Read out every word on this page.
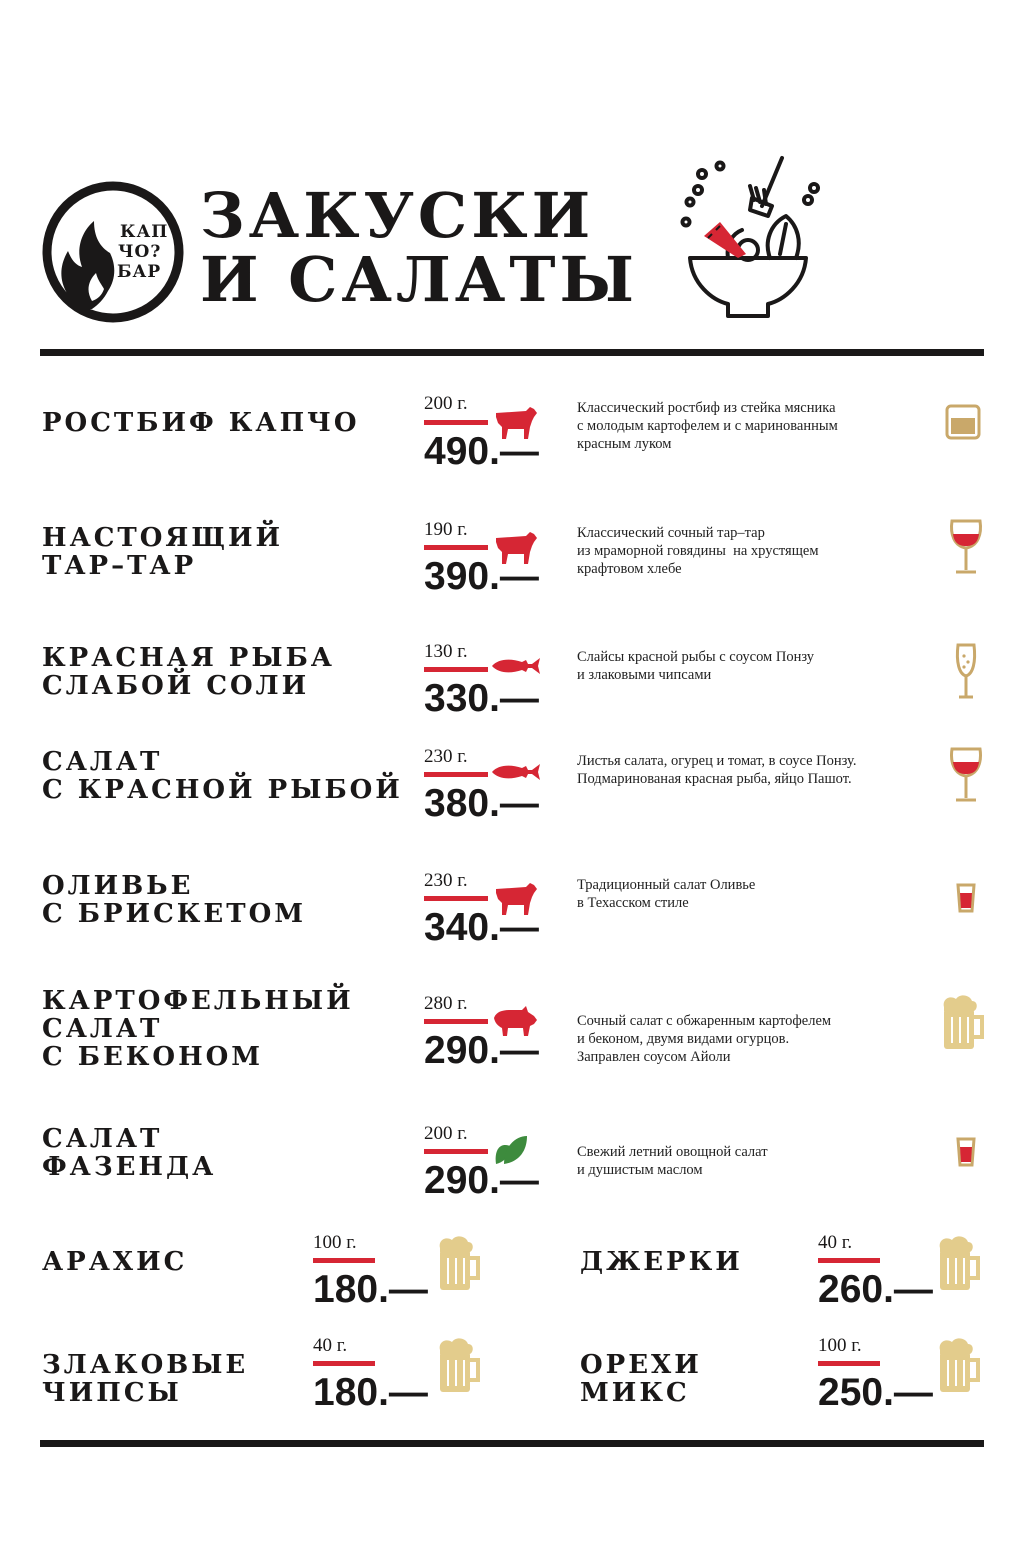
КАП
ЧО?
БАР
ЗАКУСКИ
И САЛАТЫ
РОСТБИФ КАПЧО
200 г.
490.—
Классический ростбиф из стейка мясника
с молодым картофелем и с маринованным
красным луком
НАСТОЯЩИЙ
ТАР–ТАР
190 г.
390.—
Классический сочный тар–тар
из мраморной говядины  на хрустящем
крафтовом хлебе
КРАСНАЯ РЫБА
СЛАБОЙ СОЛИ
130 г.
330.—
Слайсы красной рыбы с соусом Понзу
и злаковыми чипсами
САЛАТ
С КРАСНОЙ РЫБОЙ
230 г.
380.—
Листья салата, огурец и томат, в соусе Понзу.
Подмаринованая красная рыба, яйцо Пашот.
ОЛИВЬЕ
С БРИСКЕТОМ
230 г.
340.—
Традиционный салат Оливье
в Техасском стиле
КАРТОФЕЛЬНЫЙ
САЛАТ
С БЕКОНОМ
280 г.
290.—
Сочный салат с обжаренным картофелем
и беконом, двумя видами огурцов.
Заправлен соусом Айоли
САЛАТ
ФАЗЕНДА
200 г.
290.—
Свежий летний овощной салат
и душистым маслом
АРАХИС
100 г.
180.—
ДЖЕРКИ
40 г.
260.—
ЗЛАКОВЫЕ
ЧИПСЫ
40 г.
180.—
ОРЕХИ
МИКС
100 г.
250.—
